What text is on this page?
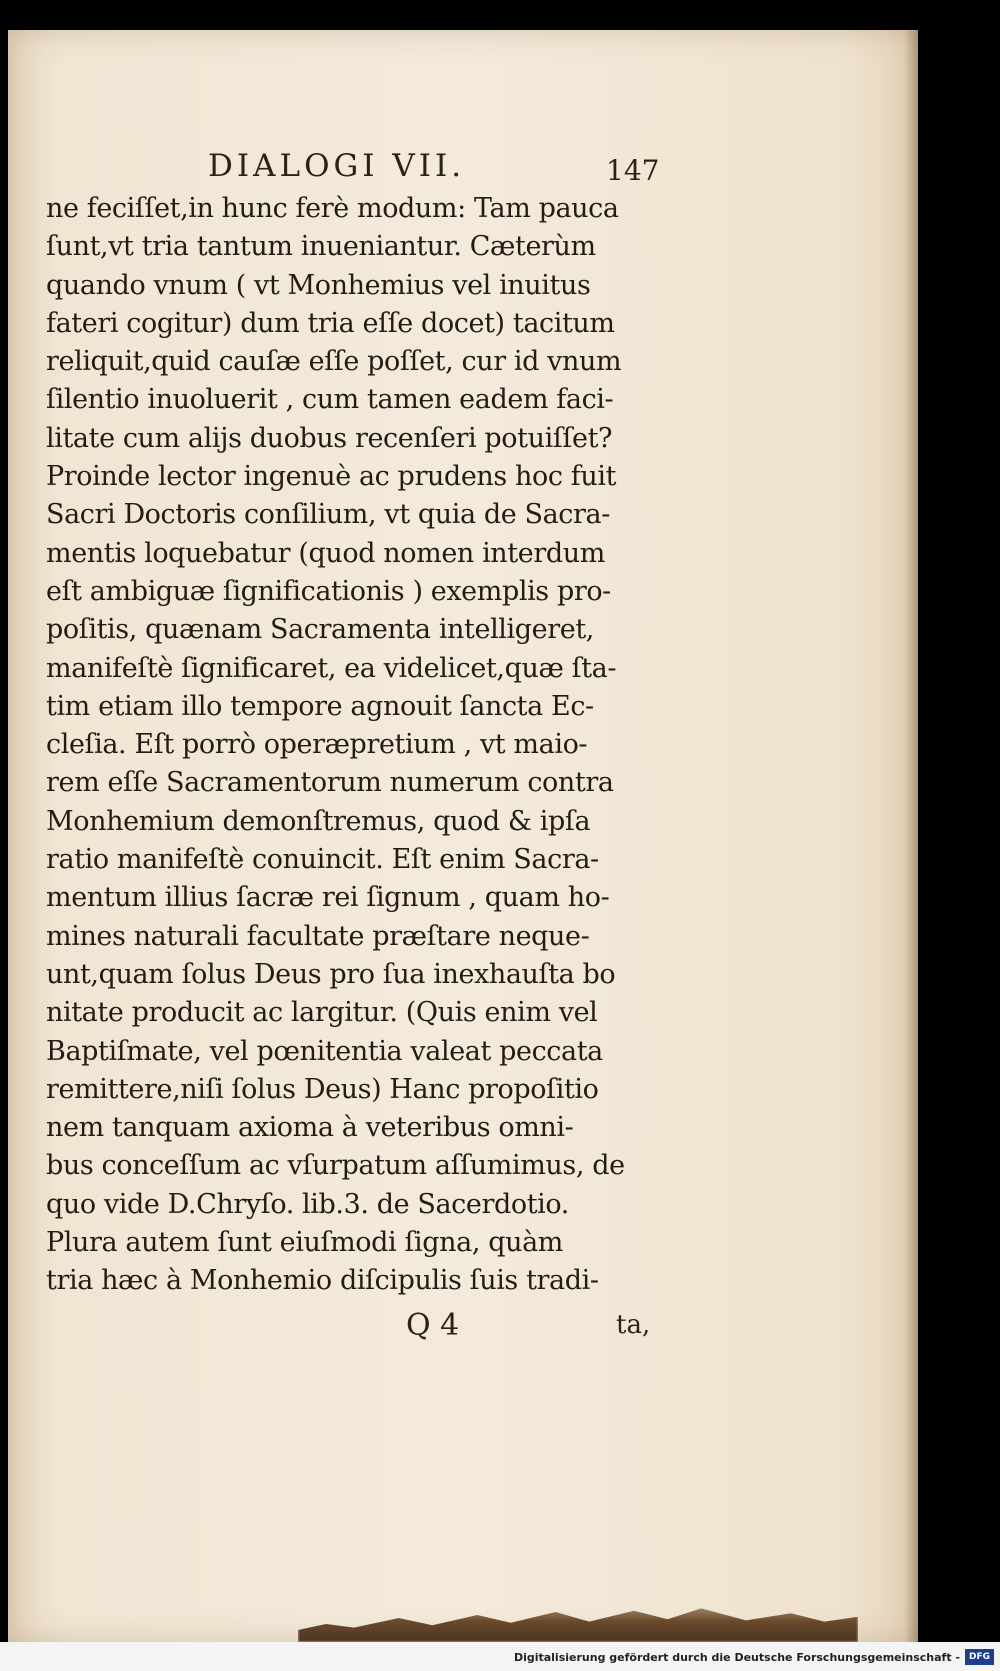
DIALOGI VII.	147
ne feciſſet,in hunc ferè modum: Tam pauca
ſunt,vt tria tantum inueniantur. Cæterùm
quando vnum ( vt Monhemius vel inuitus
fateri cogitur) dum tria eſſe docet) tacitum
reliquit,quid cauſæ eſſe poſſet, cur id vnum
ſilentio inuoluerit , cum tamen eadem faci-
litate cum alijs duobus recenſeri potuiſſet?
Proinde lector ingenuè ac prudens hoc fuit
Sacri Doctoris conſilium, vt quia de Sacra-
mentis loquebatur (quod nomen interdum
eſt ambiguæ ſignificationis ) exemplis pro-
poſitis, quænam Sacramenta intelligeret,
manifeſtè ſignificaret, ea videlicet,quæ ſta-
tim etiam illo tempore agnouit ſancta Ec-
cleſia. Eſt porrò operæpretium , vt maio-
rem eſſe Sacramentorum numerum contra
Monhemium demonſtremus, quod & ipſa
ratio manifeſtè conuincit. Eſt enim Sacra-
mentum illius ſacræ rei ſignum , quam ho-
mines naturali facultate præſtare neque-
unt,quam ſolus Deus pro ſua inexhauſta bo
nitate producit ac largitur. (Quis enim vel
Baptiſmate, vel pœnitentia valeat peccata
remittere,niſi ſolus Deus) Hanc propoſitio
nem tanquam axioma à veteribus omni-
bus conceſſum ac vſurpatum aſſumimus, de
quo vide D.Chryſo. lib.3. de Sacerdotio.
Plura autem ſunt eiuſmodi ſigna, quàm
tria hæc à Monhemio diſcipulis ſuis tradi-
Q 4	ta,
Digitalisierung gefördert durch die Deutsche Forschungsgemeinschaft - DFG
